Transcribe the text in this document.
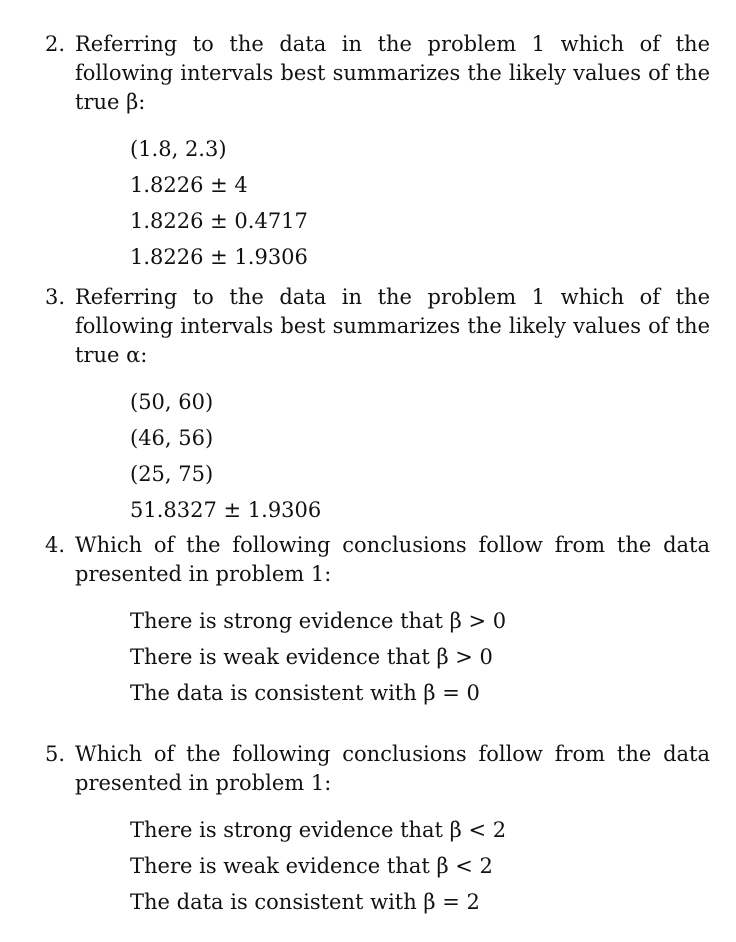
2. Referring to the data in the problem 1 which of the following intervals best summarizes the likely values of the true β:
(1.8, 2.3)
1.8226 ± 4
1.8226 ± 0.4717
1.8226 ± 1.9306
3. Referring to the data in the problem 1 which of the following intervals best summarizes the likely values of the true α:
(50, 60)
(46, 56)
(25, 75)
51.8327 ± 1.9306
4. Which of the following conclusions follow from the data presented in problem 1:
There is strong evidence that β > 0
There is weak evidence that β > 0
The data is consistent with β = 0
5. Which of the following conclusions follow from the data presented in problem 1:
There is strong evidence that β < 2
There is weak evidence that β < 2
The data is consistent with β = 2
